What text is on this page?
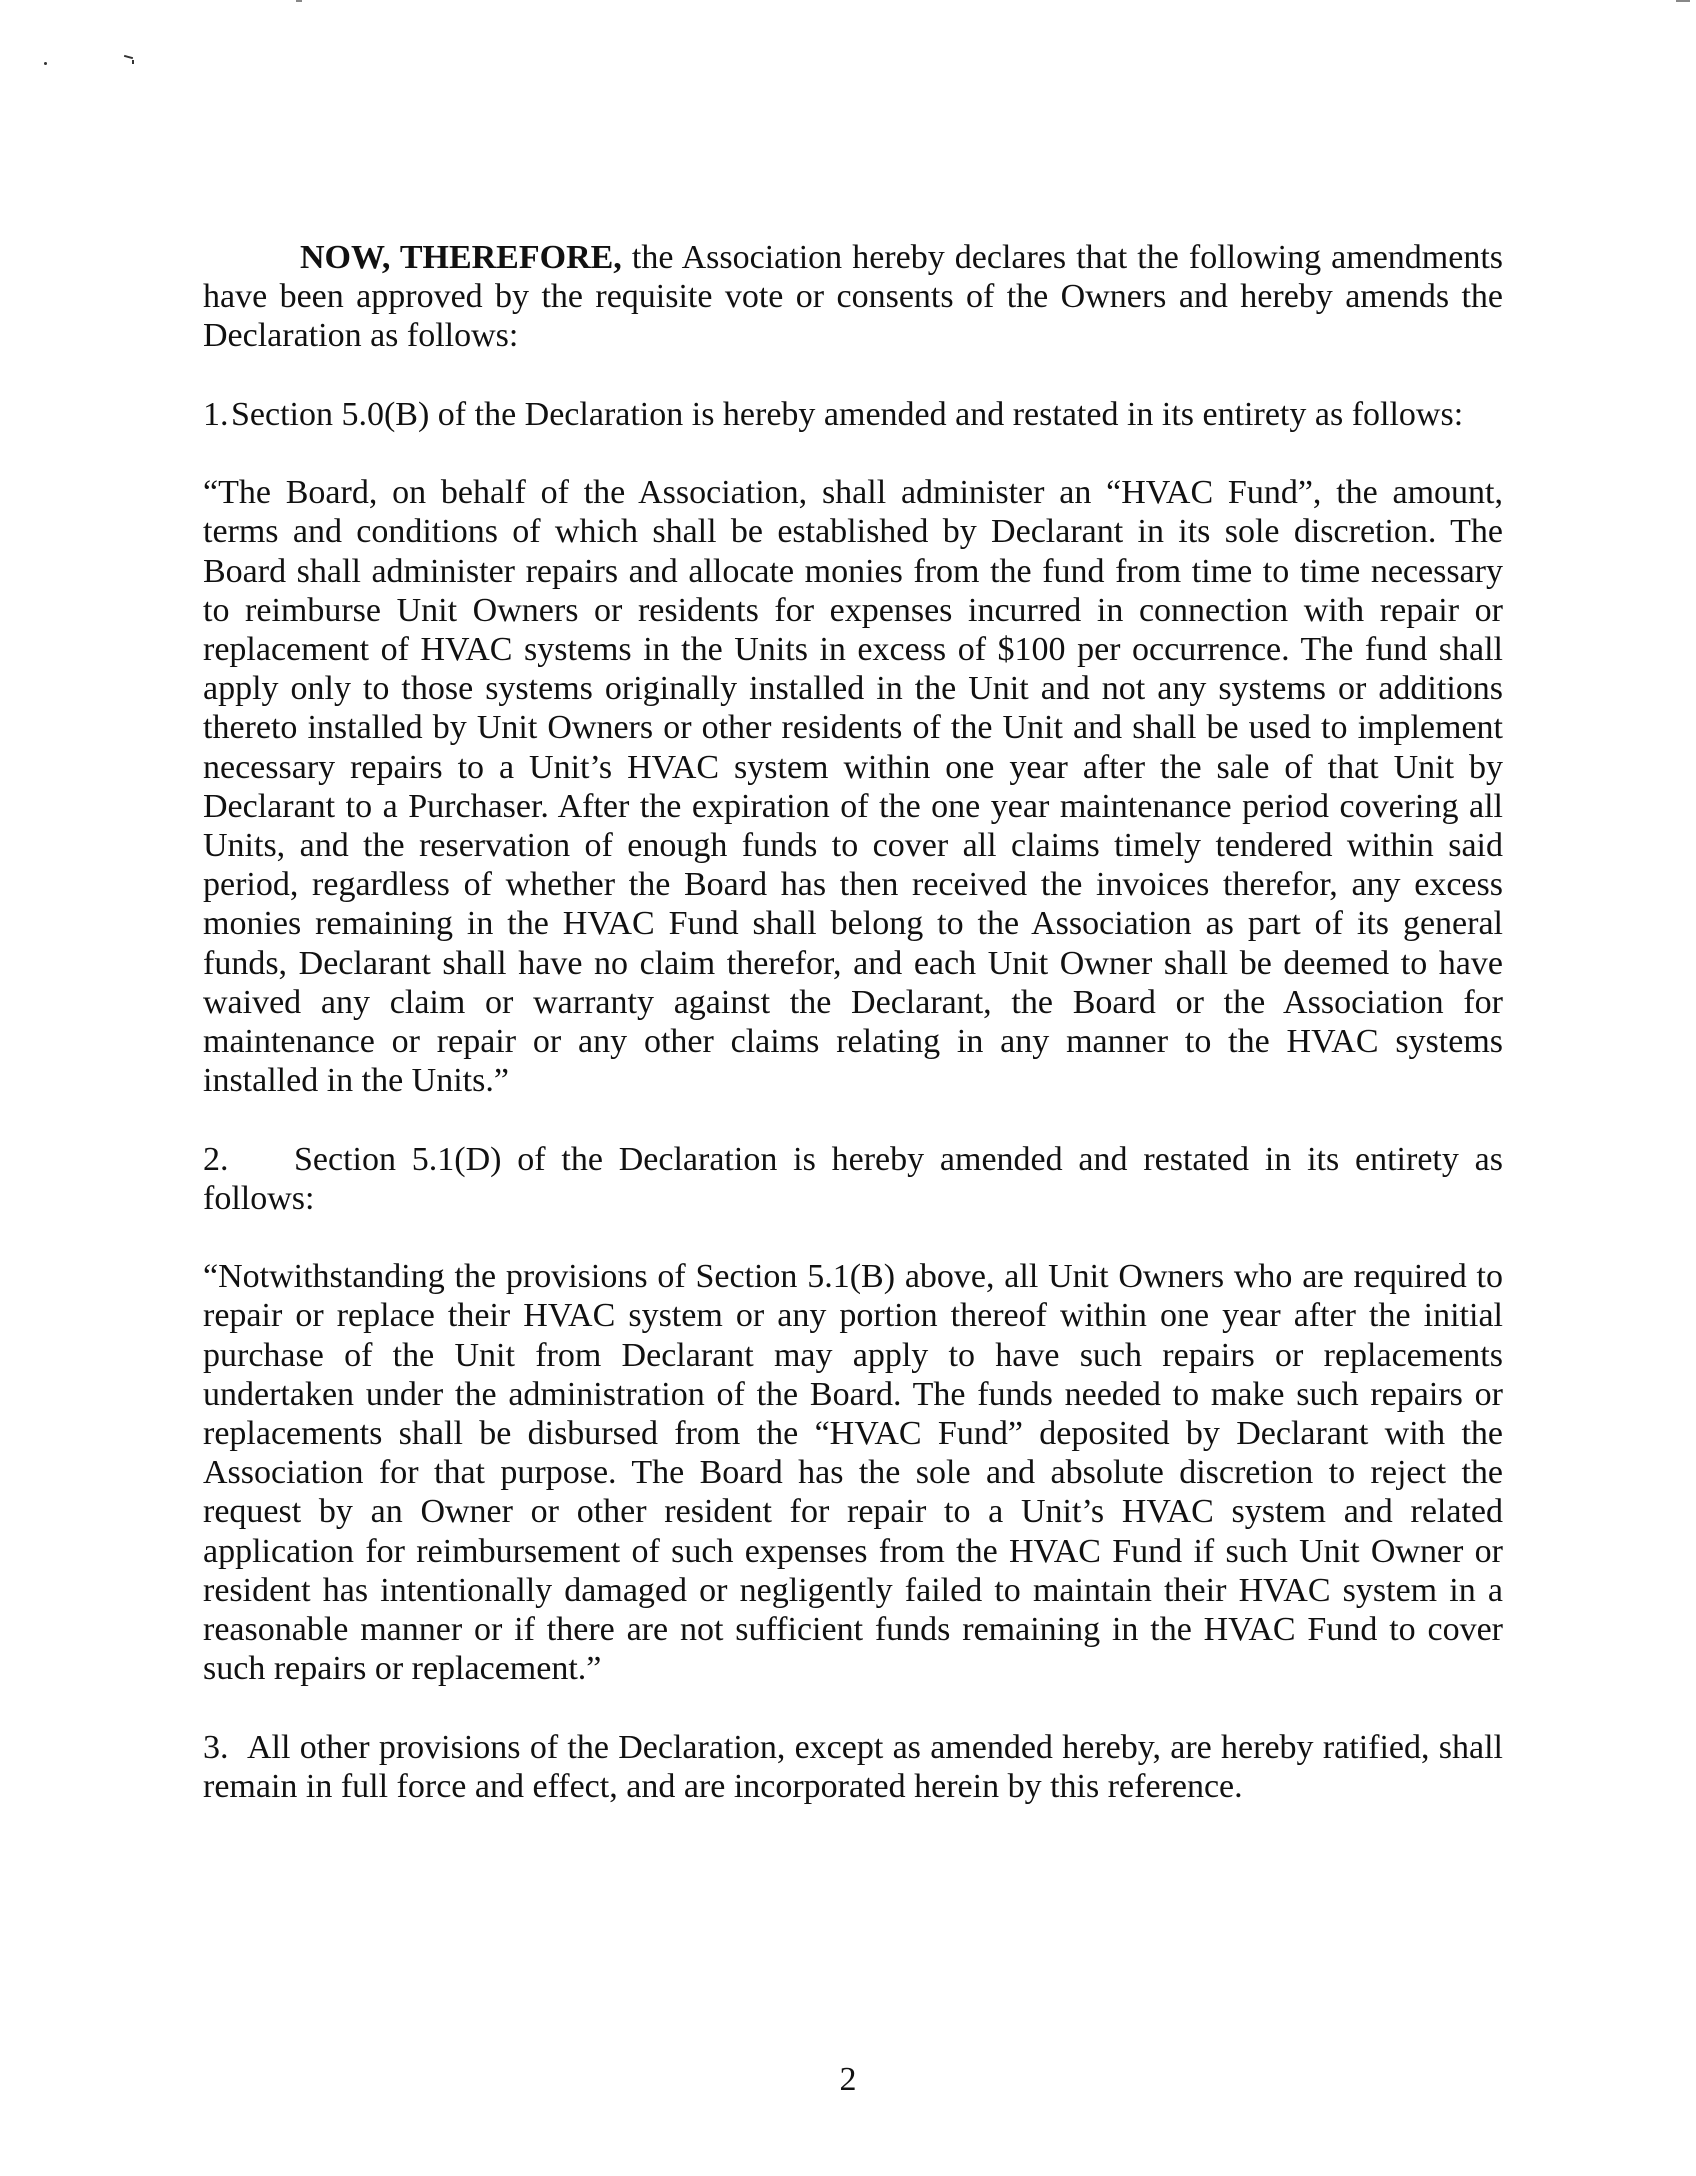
NOW, THEREFORE, the Association hereby declares that the following amendments have been approved by the requisite vote or consents of the Owners and hereby amends the Declaration as follows:

1.Section 5.0(B) of the Declaration is hereby amended and restated in its entirety as follows:

“The Board, on behalf of the Association, shall administer an “HVAC Fund”, the amount, terms and conditions of which shall be established by Declarant in its sole discretion. The Board shall administer repairs and allocate monies from the fund from time to time necessary to reimburse Unit Owners or residents for expenses incurred in connection with repair or replacement of HVAC systems in the Units in excess of $100 per occurrence. The fund shall apply only to those systems originally installed in the Unit and not any systems or additions thereto installed by Unit Owners or other residents of the Unit and shall be used to implement necessary repairs to a Unit’s HVAC system within one year after the sale of that Unit by Declarant to a Purchaser. After the expiration of the one year maintenance period covering all Units, and the reservation of enough funds to cover all claims timely tendered within said period, regardless of whether the Board has then received the invoices therefor, any excess monies remaining in the HVAC Fund shall belong to the Association as part of its general funds, Declarant shall have no claim therefor, and each Unit Owner shall be deemed to have waived any claim or warranty against the Declarant, the Board or the Association for maintenance or repair or any other claims relating in any manner to the HVAC systems installed in the Units.”

2. Section 5.1(D) of the Declaration is hereby amended and restated in its entirety as follows:

“Notwithstanding the provisions of Section 5.1(B) above, all Unit Owners who are required to repair or replace their HVAC system or any portion thereof within one year after the initial purchase of the Unit from Declarant may apply to have such repairs or replacements undertaken under the administration of the Board. The funds needed to make such repairs or replacements shall be disbursed from the “HVAC Fund” deposited by Declarant with the Association for that purpose. The Board has the sole and absolute discretion to reject the request by an Owner or other resident for repair to a Unit’s HVAC system and related application for reimbursement of such expenses from the HVAC Fund if such Unit Owner or resident has intentionally damaged or negligently failed to maintain their HVAC system in a reasonable manner or if there are not sufficient funds remaining in the HVAC Fund to cover such repairs or replacement.”

3. All other provisions of the Declaration, except as amended hereby, are hereby ratified, shall remain in full force and effect, and are incorporated herein by this reference.

2
